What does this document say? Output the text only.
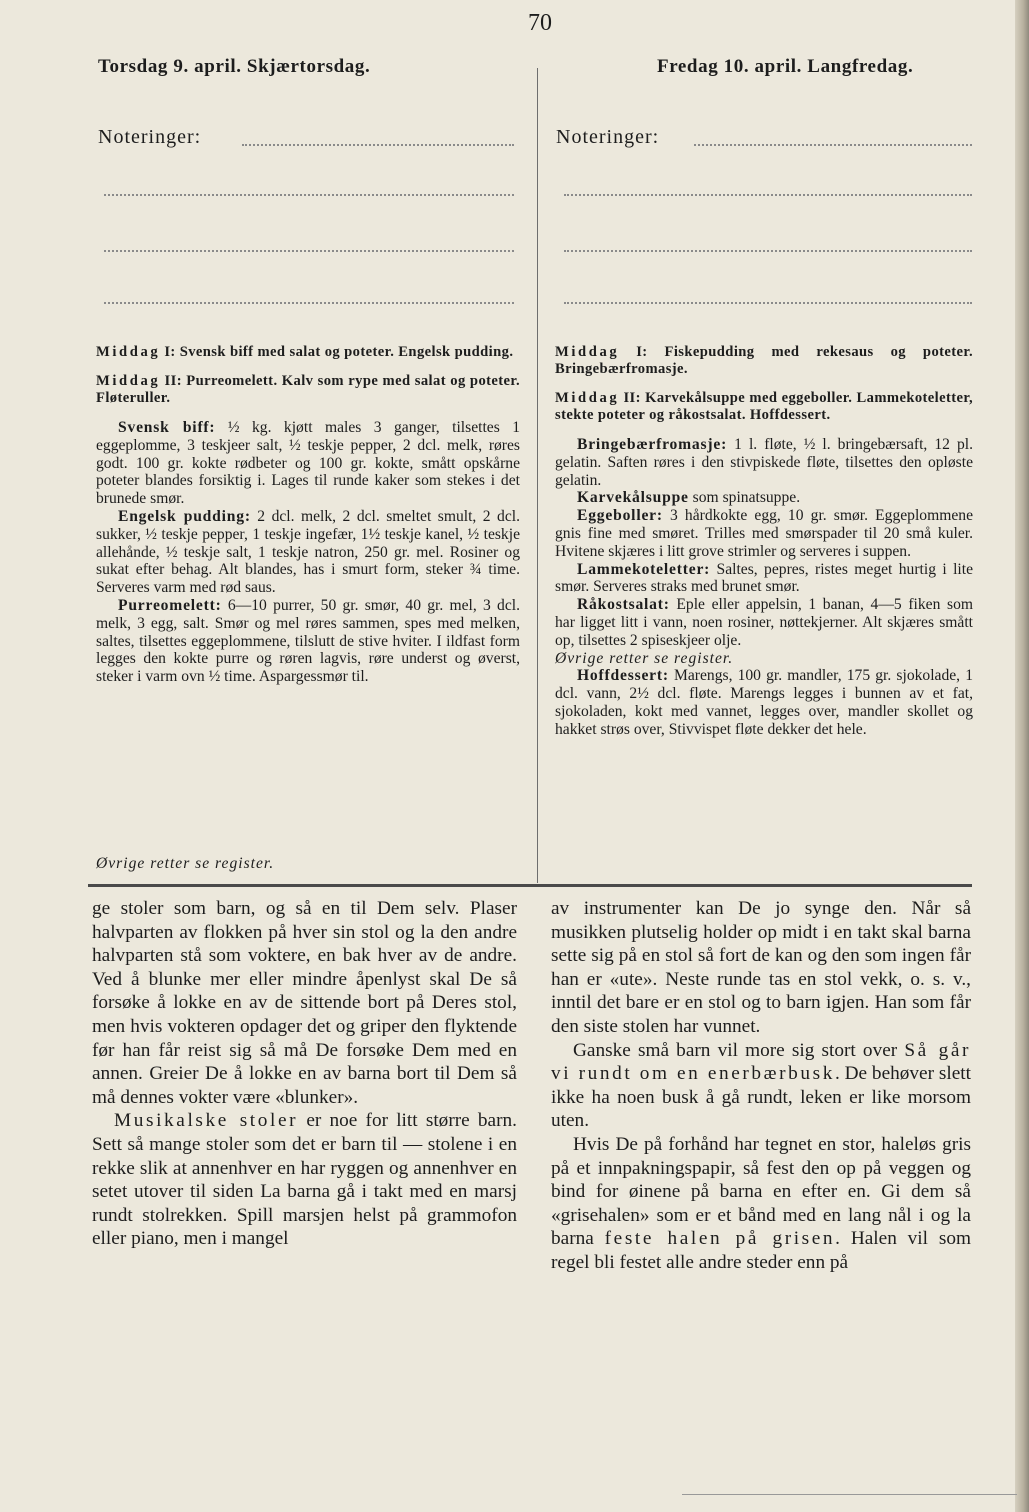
70
Torsdag 9. april. Skjærtorsdag.	Fredag 10. april. Langfredag.
Noteringer:	Noteringer:

Middag I: Svensk biff med salat og poteter. Engelsk pudding.

Middag II: Purreomelett. Kalv som rype med salat og poteter. Fløteruller.

Svensk biff: ½ kg. kjøtt males 3 ganger, tilsettes 1 eggeplomme, 3 teskjeer salt, ½ teskje pepper, 2 dcl. melk, røres godt. 100 gr. kokte rødbeter og 100 gr. kokte, smått opskårne poteter blandes forsiktig i. Lages til runde kaker som stekes i det brunede smør.

Engelsk pudding: 2 dcl. melk, 2 dcl. smeltet smult, 2 dcl. sukker, ½ teskje pepper, 1 teskje ingefær, 1½ teskje kanel, ½ teskje allehånde, ½ teskje salt, 1 teskje natron, 250 gr. mel. Rosiner og sukat efter behag. Alt blandes, has i smurt form, steker ¾ time. Serveres varm med rød saus.

Purreomelett: 6—10 purrer, 50 gr. smør, 40 gr. mel, 3 dcl. melk, 3 egg, salt. Smør og mel røres sammen, spes med melken, saltes, tilsettes eggeplommene, tilslutt de stive hviter. I ildfast form legges den kokte purre og røren lagvis, røre underst og øverst, steker i varm ovn ½ time. Aspargessmør til.

Øvrige retter se register.

Middag I: Fiskepudding med rekesaus og poteter. Bringebærfromasje.

Middag II: Karvekålsuppe med eggeboller. Lammekoteletter, stekte poteter og råkostsalat. Hoffdessert.

Bringebærfromasje: 1 l. fløte, ½ l. bringebærsaft, 12 pl. gelatin. Saften røres i den stivpiskede fløte, tilsettes den opløste gelatin.

Karvekålsuppe som spinatsuppe.

Eggeboller: 3 hårdkokte egg, 10 gr. smør. Eggeplommene gnis fine med smøret. Trilles med smørspader til 20 små kuler. Hvitene skjæres i litt grove strimler og serveres i suppen.

Lammekoteletter: Saltes, pepres, ristes meget hurtig i lite smør. Serveres straks med brunet smør.

Råkostsalat: Eple eller appelsin, 1 banan, 4—5 fiken som har ligget litt i vann, noen rosiner, nøttekjerner. Alt skjæres smått op, tilsettes 2 spiseskjeer olje.

Øvrige retter se register.

Hoffdessert: Marengs, 100 gr. mandler, 175 gr. sjokolade, 1 dcl. vann, 2½ dcl. fløte. Marengs legges i bunnen av et fat, sjokoladen, kokt med vannet, legges over, mandler skollet og hakket strøs over, Stivvispet fløte dekker det hele.

ge stoler som barn, og så en til Dem selv. Plaser halvparten av flokken på hver sin stol og la den andre halvparten stå som voktere, en bak hver av de andre. Ved å blunke mer eller mindre åpenlyst skal De så forsøke å lokke en av de sittende bort på Deres stol, men hvis vokteren opdager det og griper den flyktende før han får reist sig så må De forsøke Dem med en annen. Greier De å lokke en av barna bort til Dem så må dennes vokter være «blunker».

Musikalske stoler er noe for litt større barn. Sett så mange stoler som det er barn til — stolene i en rekke slik at annenhver en har ryggen og annenhver en setet utover til siden La barna gå i takt med en marsj rundt stolrekken. Spill marsjen helst på grammofon eller piano, men i mangel

av instrumenter kan De jo synge den. Når så musikken plutselig holder op midt i en takt skal barna sette sig på en stol så fort de kan og den som ingen får han er «ute». Neste runde tas en stol vekk, o. s. v., inntil det bare er en stol og to barn igjen. Han som får den siste stolen har vunnet.

Ganske små barn vil more sig stort over Så går vi rundt om en enerbærbusk. De behøver slett ikke ha noen busk å gå rundt, leken er like morsom uten.

Hvis De på forhånd har tegnet en stor, haleløs gris på et innpakningspapir, så fest den op på veggen og bind for øinene på barna en efter en. Gi dem så «grisehalen» som er et bånd med en lang nål i og la barna feste halen på grisen. Halen vil som regel bli festet alle andre steder enn på
